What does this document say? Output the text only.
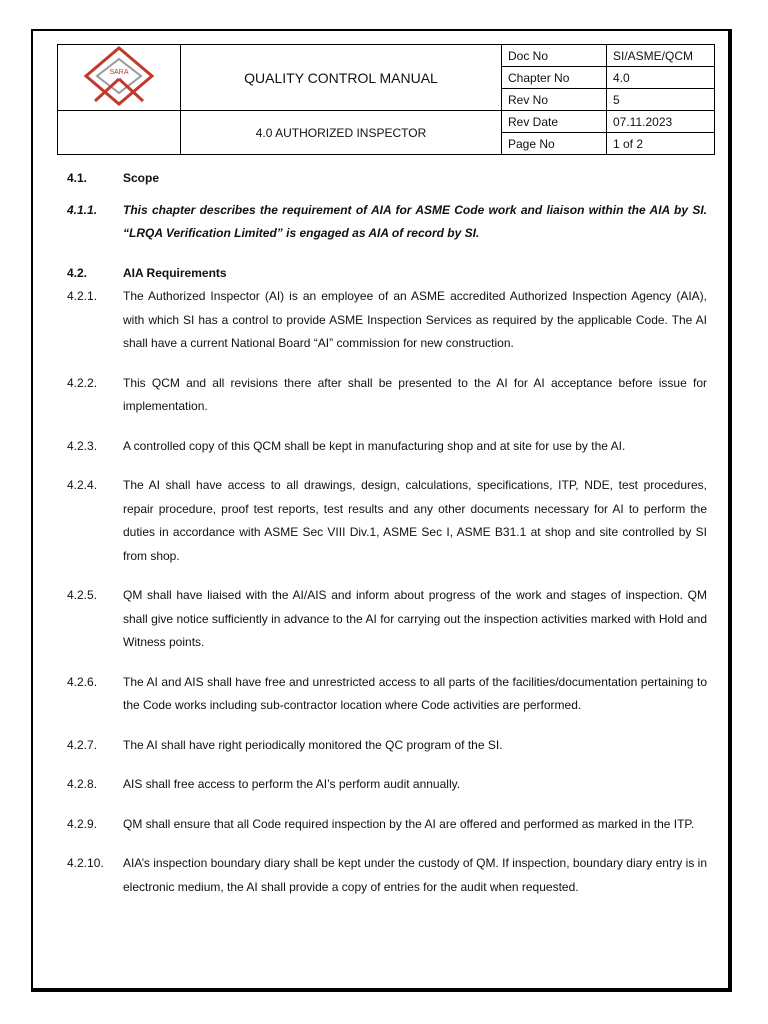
SARA	QUALITY CONTROL MANUAL	Doc No	SI/ASME/QCM
		Chapter No	4.0
		Rev No	5
	4.0 AUTHORIZED INSPECTOR	Rev Date	07.11.2023
		Page No	1 of 2
4.1.	Scope
4.1.1.	This chapter describes the requirement of AIA for ASME Code work and liaison within the AIA by SI. “LRQA Verification Limited” is engaged as AIA of record by SI.
4.2.	AIA Requirements
4.2.1.	The Authorized Inspector (AI) is an employee of an ASME accredited Authorized Inspection Agency (AIA), with which SI has a control to provide ASME Inspection Services as required by the applicable Code. The AI shall have a current National Board “AI” commission for new construction.
4.2.2.	This QCM and all revisions there after shall be presented to the AI for AI acceptance before issue for implementation.
4.2.3.	A controlled copy of this QCM shall be kept in manufacturing shop and at site for use by the AI.
4.2.4.	The AI shall have access to all drawings, design, calculations, specifications, ITP, NDE, test procedures, repair procedure, proof test reports, test results and any other documents necessary for AI to perform the duties in accordance with ASME Sec VIII Div.1, ASME Sec I, ASME B31.1 at shop and site controlled by SI from shop.
4.2.5.	QM shall have liaised with the AI/AIS and inform about progress of the work and stages of inspection. QM shall give notice sufficiently in advance to the AI for carrying out the inspection activities marked with Hold and Witness points.
4.2.6.	The AI and AIS shall have free and unrestricted access to all parts of the facilities/documentation pertaining to the Code works including sub-contractor location where Code activities are performed.
4.2.7.	The AI shall have right periodically monitored the QC program of the SI.
4.2.8.	AIS shall free access to perform the AI’s perform audit annually.
4.2.9.	QM shall ensure that all Code required inspection by the AI are offered and performed as marked in the ITP.
4.2.10.	AIA’s inspection boundary diary shall be kept under the custody of QM. If inspection, boundary diary entry is in electronic medium, the AI shall provide a copy of entries for the audit when requested.
